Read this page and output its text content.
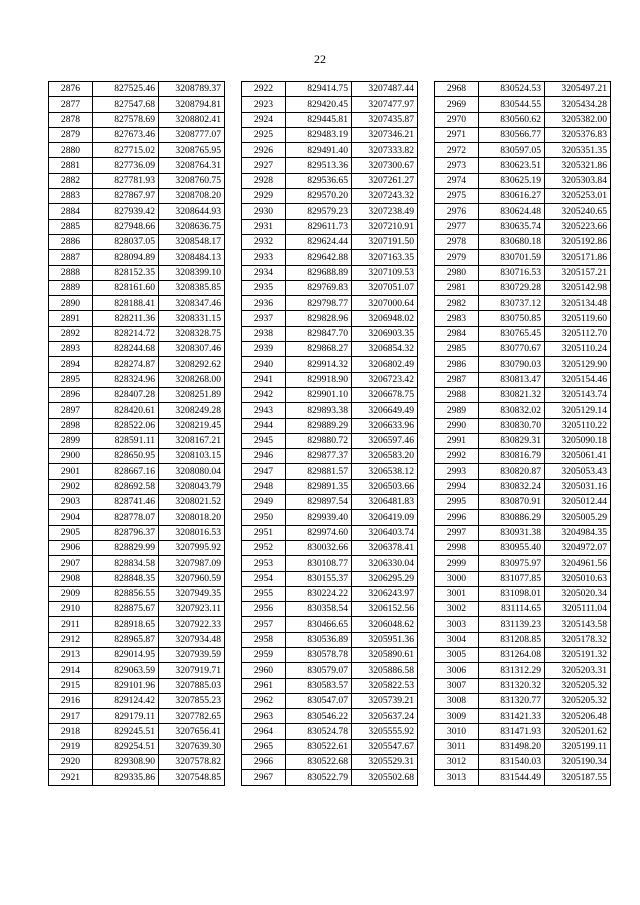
22
2876	827525.46	3208789.37
2877	827547.68	3208794.81
2878	827578.69	3208802.41
2879	827673.46	3208777.07
2880	827715.02	3208765.95
2881	827736.09	3208764.31
2882	827781.93	3208760.75
2883	827867.97	3208708.20
2884	827939.42	3208644.93
2885	827948.66	3208636.75
2886	828037.05	3208548.17
2887	828094.89	3208484.13
2888	828152.35	3208399.10
2889	828161.60	3208385.85
2890	828188.41	3208347.46
2891	828211.36	3208331.15
2892	828214.72	3208328.75
2893	828244.68	3208307.46
2894	828274.87	3208292.62
2895	828324.96	3208268.00
2896	828407.28	3208251.89
2897	828420.61	3208249.28
2898	828522.06	3208219.45
2899	828591.11	3208167.21
2900	828650.95	3208103.15
2901	828667.16	3208080.04
2902	828692.58	3208043.79
2903	828741.46	3208021.52
2904	828778.07	3208018.20
2905	828796.37	3208016.53
2906	828829.99	3207995.92
2907	828834.58	3207987.09
2908	828848.35	3207960.59
2909	828856.55	3207949.35
2910	828875.67	3207923.11
2911	828918.65	3207922.33
2912	828965.87	3207934.48
2913	829014.95	3207939.59
2914	829063.59	3207919.71
2915	829101.96	3207885.03
2916	829124.42	3207855.23
2917	829179.11	3207782.65
2918	829245.51	3207656.41
2919	829254.51	3207639.30
2920	829308.90	3207578.82
2921	829335.86	3207548.85
2922	829414.75	3207487.44
2923	829420.45	3207477.97
2924	829445.81	3207435.87
2925	829483.19	3207346.21
2926	829491.40	3207333.82
2927	829513.36	3207300.67
2928	829536.65	3207261.27
2929	829570.20	3207243.32
2930	829579.23	3207238.49
2931	829611.73	3207210.91
2932	829624.44	3207191.50
2933	829642.88	3207163.35
2934	829688.89	3207109.53
2935	829769.83	3207051.07
2936	829798.77	3207000.64
2937	829828.96	3206948.02
2938	829847.70	3206903.35
2939	829868.27	3206854.32
2940	829914.32	3206802.49
2941	829918.90	3206723.42
2942	829901.10	3206678.75
2943	829893.38	3206649.49
2944	829889.29	3206633.96
2945	829880.72	3206597.46
2946	829877.37	3206583.20
2947	829881.57	3206538.12
2948	829891.35	3206503.66
2949	829897.54	3206481.83
2950	829939.40	3206419.09
2951	829974.60	3206403.74
2952	830032.66	3206378.41
2953	830108.77	3206330.04
2954	830155.37	3206295.29
2955	830224.22	3206243.97
2956	830358.54	3206152.56
2957	830466.65	3206048.62
2958	830536.89	3205951.36
2959	830578.78	3205890.61
2960	830579.07	3205886.58
2961	830583.57	3205822.53
2962	830547.07	3205739.21
2963	830546.22	3205637.24
2964	830524.78	3205555.92
2965	830522.61	3205547.67
2966	830522.68	3205529.31
2967	830522.79	3205502.68
2968	830524.53	3205497.21
2969	830544.55	3205434.28
2970	830560.62	3205382.00
2971	830566.77	3205376.83
2972	830597.05	3205351.35
2973	830623.51	3205321.86
2974	830625.19	3205303.84
2975	830616.27	3205253.01
2976	830624.48	3205240.65
2977	830635.74	3205223.66
2978	830680.18	3205192.86
2979	830701.59	3205171.86
2980	830716.53	3205157.21
2981	830729.28	3205142.98
2982	830737.12	3205134.48
2983	830750.85	3205119.60
2984	830765.45	3205112.70
2985	830770.67	3205110.24
2986	830790.03	3205129.90
2987	830813.47	3205154.46
2988	830821.32	3205143.74
2989	830832.02	3205129.14
2990	830830.70	3205110.22
2991	830829.31	3205090.18
2992	830816.79	3205061.41
2993	830820.87	3205053.43
2994	830832.24	3205031.16
2995	830870.91	3205012.44
2996	830886.29	3205005.29
2997	830931.38	3204984.35
2998	830955.40	3204972.07
2999	830975.97	3204961.56
3000	831077.85	3205010.63
3001	831098.01	3205020.34
3002	831114.65	3205111.04
3003	831139.23	3205143.58
3004	831208.85	3205178.32
3005	831264.08	3205191.32
3006	831312.29	3205203.31
3007	831320.32	3205205.32
3008	831320.77	3205205.32
3009	831421.33	3205206.48
3010	831471.93	3205201.62
3011	831498.20	3205199.11
3012	831540.03	3205190.34
3013	831544.49	3205187.55
